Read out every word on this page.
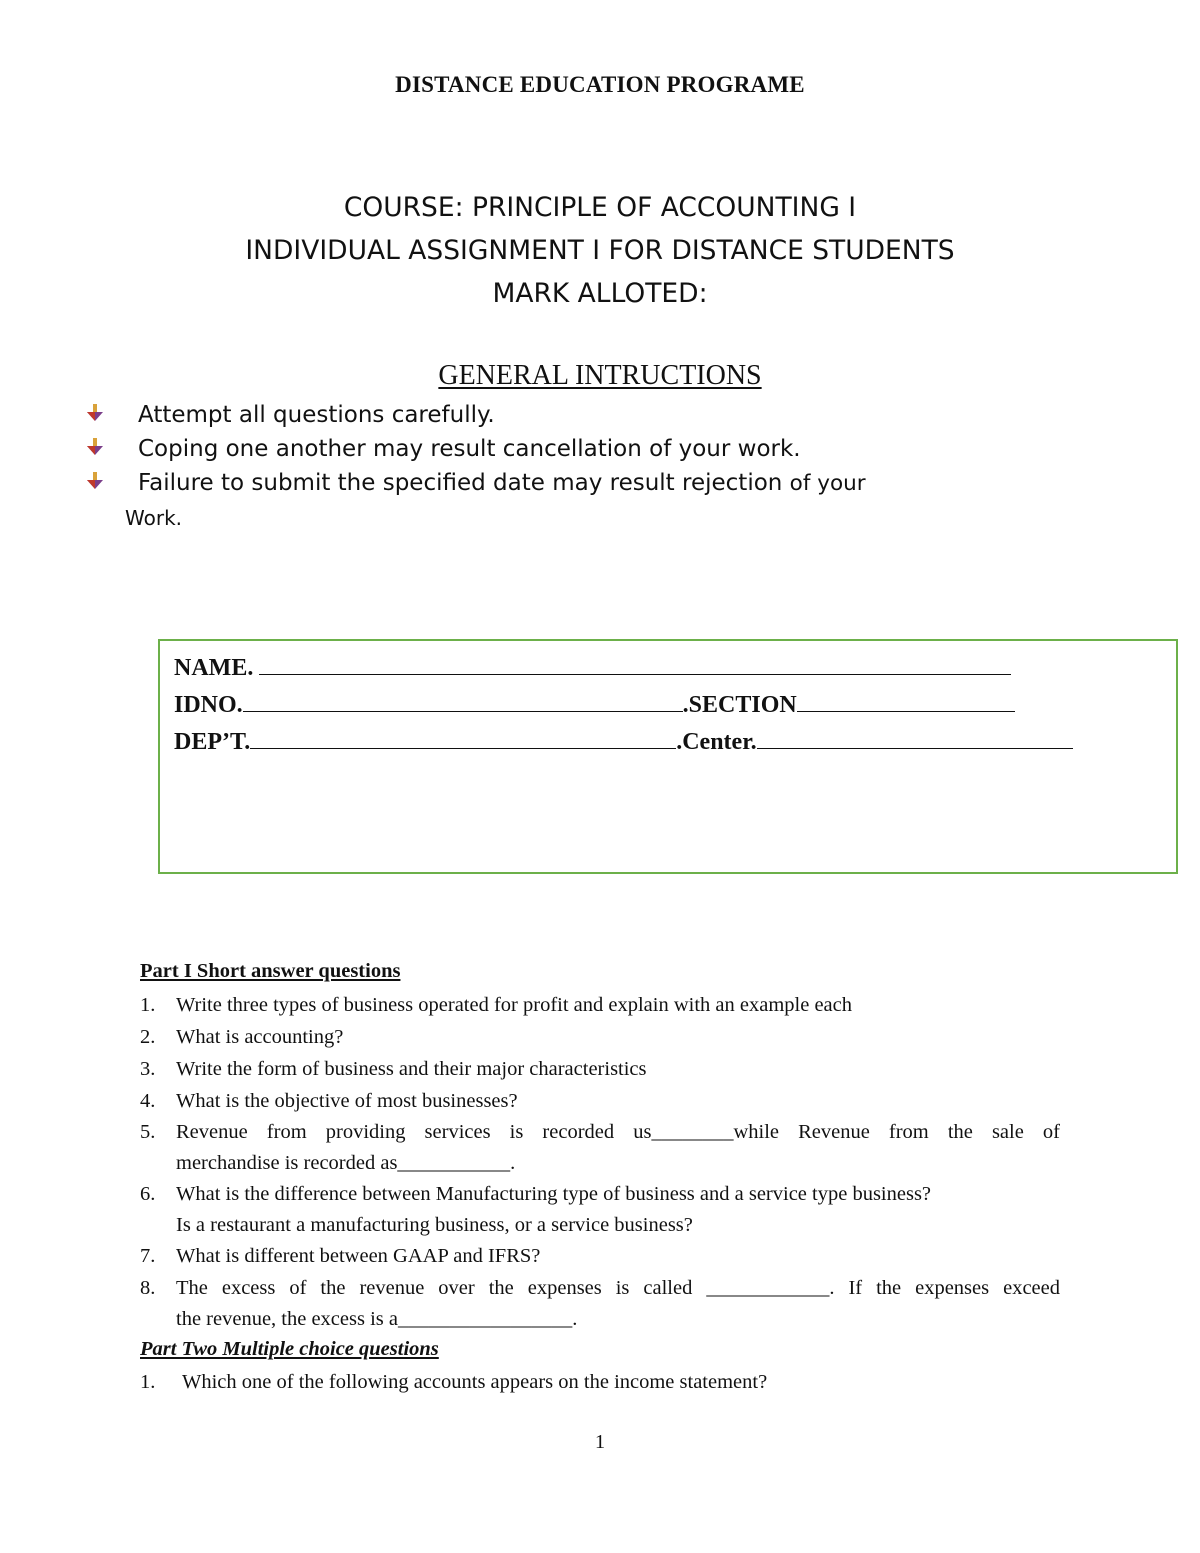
DISTANCE EDUCATION PROGRAME
COURSE: PRINCIPLE OF ACCOUNTING I
INDIVIDUAL ASSIGNMENT I FOR DISTANCE STUDENTS
MARK ALLOTED:
GENERAL INTRUCTIONS
Attempt all questions carefully.
Coping one another may result cancellation of your work.
Failure to submit the specified date may result rejection of your
Work.
NAME.
IDNO.	.SECTION
DEP’T.	.Center.
Part I Short answer questions
1. Write three types of business operated for profit and explain with an example each
2. What is accounting?
3. Write the form of business and their major characteristics
4. What is the objective of most businesses?
5. Revenue from providing services is recorded us________while Revenue from the sale of
merchandise is recorded as___________.
6. What is the difference between Manufacturing type of business and a service type business?
Is a restaurant a manufacturing business, or a service business?
7. What is different between GAAP and IFRS?
8. The excess of the revenue over the expenses is called ____________. If the expenses exceed
the revenue, the excess is a_________________.
Part Two Multiple choice questions
1. Which one of the following accounts appears on the income statement?
1
